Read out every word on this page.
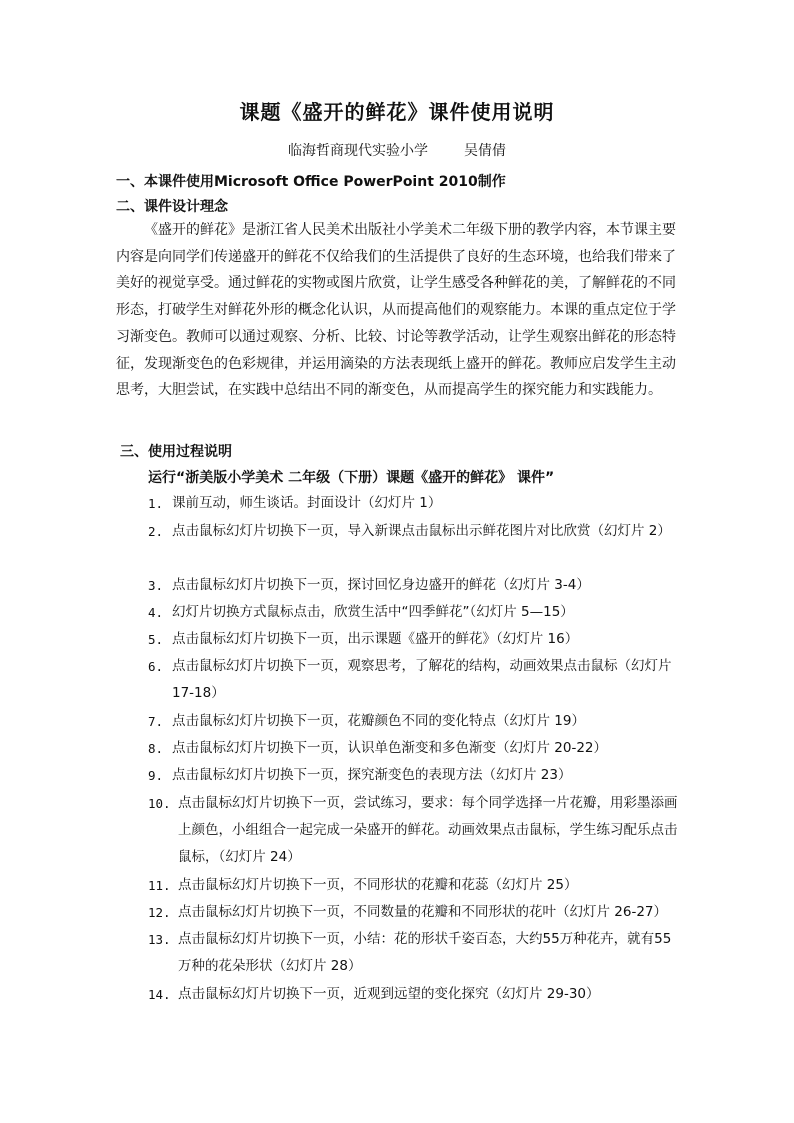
课题《盛开的鲜花》课件使用说明
临海哲商现代实验小学	吴倩倩
一、本课件使用Microsoft Office PowerPoint 2010制作
二、课件设计理念
《盛开的鲜花》是浙江省人民美术出版社小学美术二年级下册的教学内容，本节课主要内容是向同学们传递盛开的鲜花不仅给我们的生活提供了良好的生态环境，也给我们带来了美好的视觉享受。通过鲜花的实物或图片欣赏，让学生感受各种鲜花的美，了解鲜花的不同形态，打破学生对鲜花外形的概念化认识，从而提高他们的观察能力。本课的重点定位于学习渐变色。教师可以通过观察、分析、比较、讨论等教学活动，让学生观察出鲜花的形态特征，发现渐变色的色彩规律，并运用滴染的方法表现纸上盛开的鲜花。教师应启发学生主动思考，大胆尝试，在实践中总结出不同的渐变色，从而提高学生的探究能力和实践能力。
三、使用过程说明
运行“浙美版小学美术 二年级（下册）课题《盛开的鲜花》 课件”
1. 课前互动，师生谈话。封面设计（幻灯片 1）
2. 点击鼠标幻灯片切换下一页，导入新课点击鼠标出示鲜花图片对比欣赏（幻灯片 2）
3. 点击鼠标幻灯片切换下一页，探讨回忆身边盛开的鲜花（幻灯片 3-4）
4. 幻灯片切换方式鼠标点击，欣赏生活中“四季鲜花”（幻灯片 5—15）
5. 点击鼠标幻灯片切换下一页，出示课题《盛开的鲜花》（幻灯片 16）
6. 点击鼠标幻灯片切换下一页，观察思考，了解花的结构，动画效果点击鼠标（幻灯片 17-18）
7. 点击鼠标幻灯片切换下一页，花瓣颜色不同的变化特点（幻灯片 19）
8. 点击鼠标幻灯片切换下一页，认识单色渐变和多色渐变（幻灯片 20-22）
9. 点击鼠标幻灯片切换下一页，探究渐变色的表现方法（幻灯片 23）
10. 点击鼠标幻灯片切换下一页，尝试练习，要求：每个同学选择一片花瓣，用彩墨添画上颜色，小组组合一起完成一朵盛开的鲜花。动画效果点击鼠标，学生练习配乐点击鼠标，（幻灯片 24）
11. 点击鼠标幻灯片切换下一页，不同形状的花瓣和花蕊（幻灯片 25）
12. 点击鼠标幻灯片切换下一页，不同数量的花瓣和不同形状的花叶（幻灯片 26-27）
13. 点击鼠标幻灯片切换下一页，小结：花的形状千姿百态，大约55万种花卉，就有55万种的花朵形状（幻灯片 28）
14. 点击鼠标幻灯片切换下一页，近观到远望的变化探究（幻灯片 29-30）
